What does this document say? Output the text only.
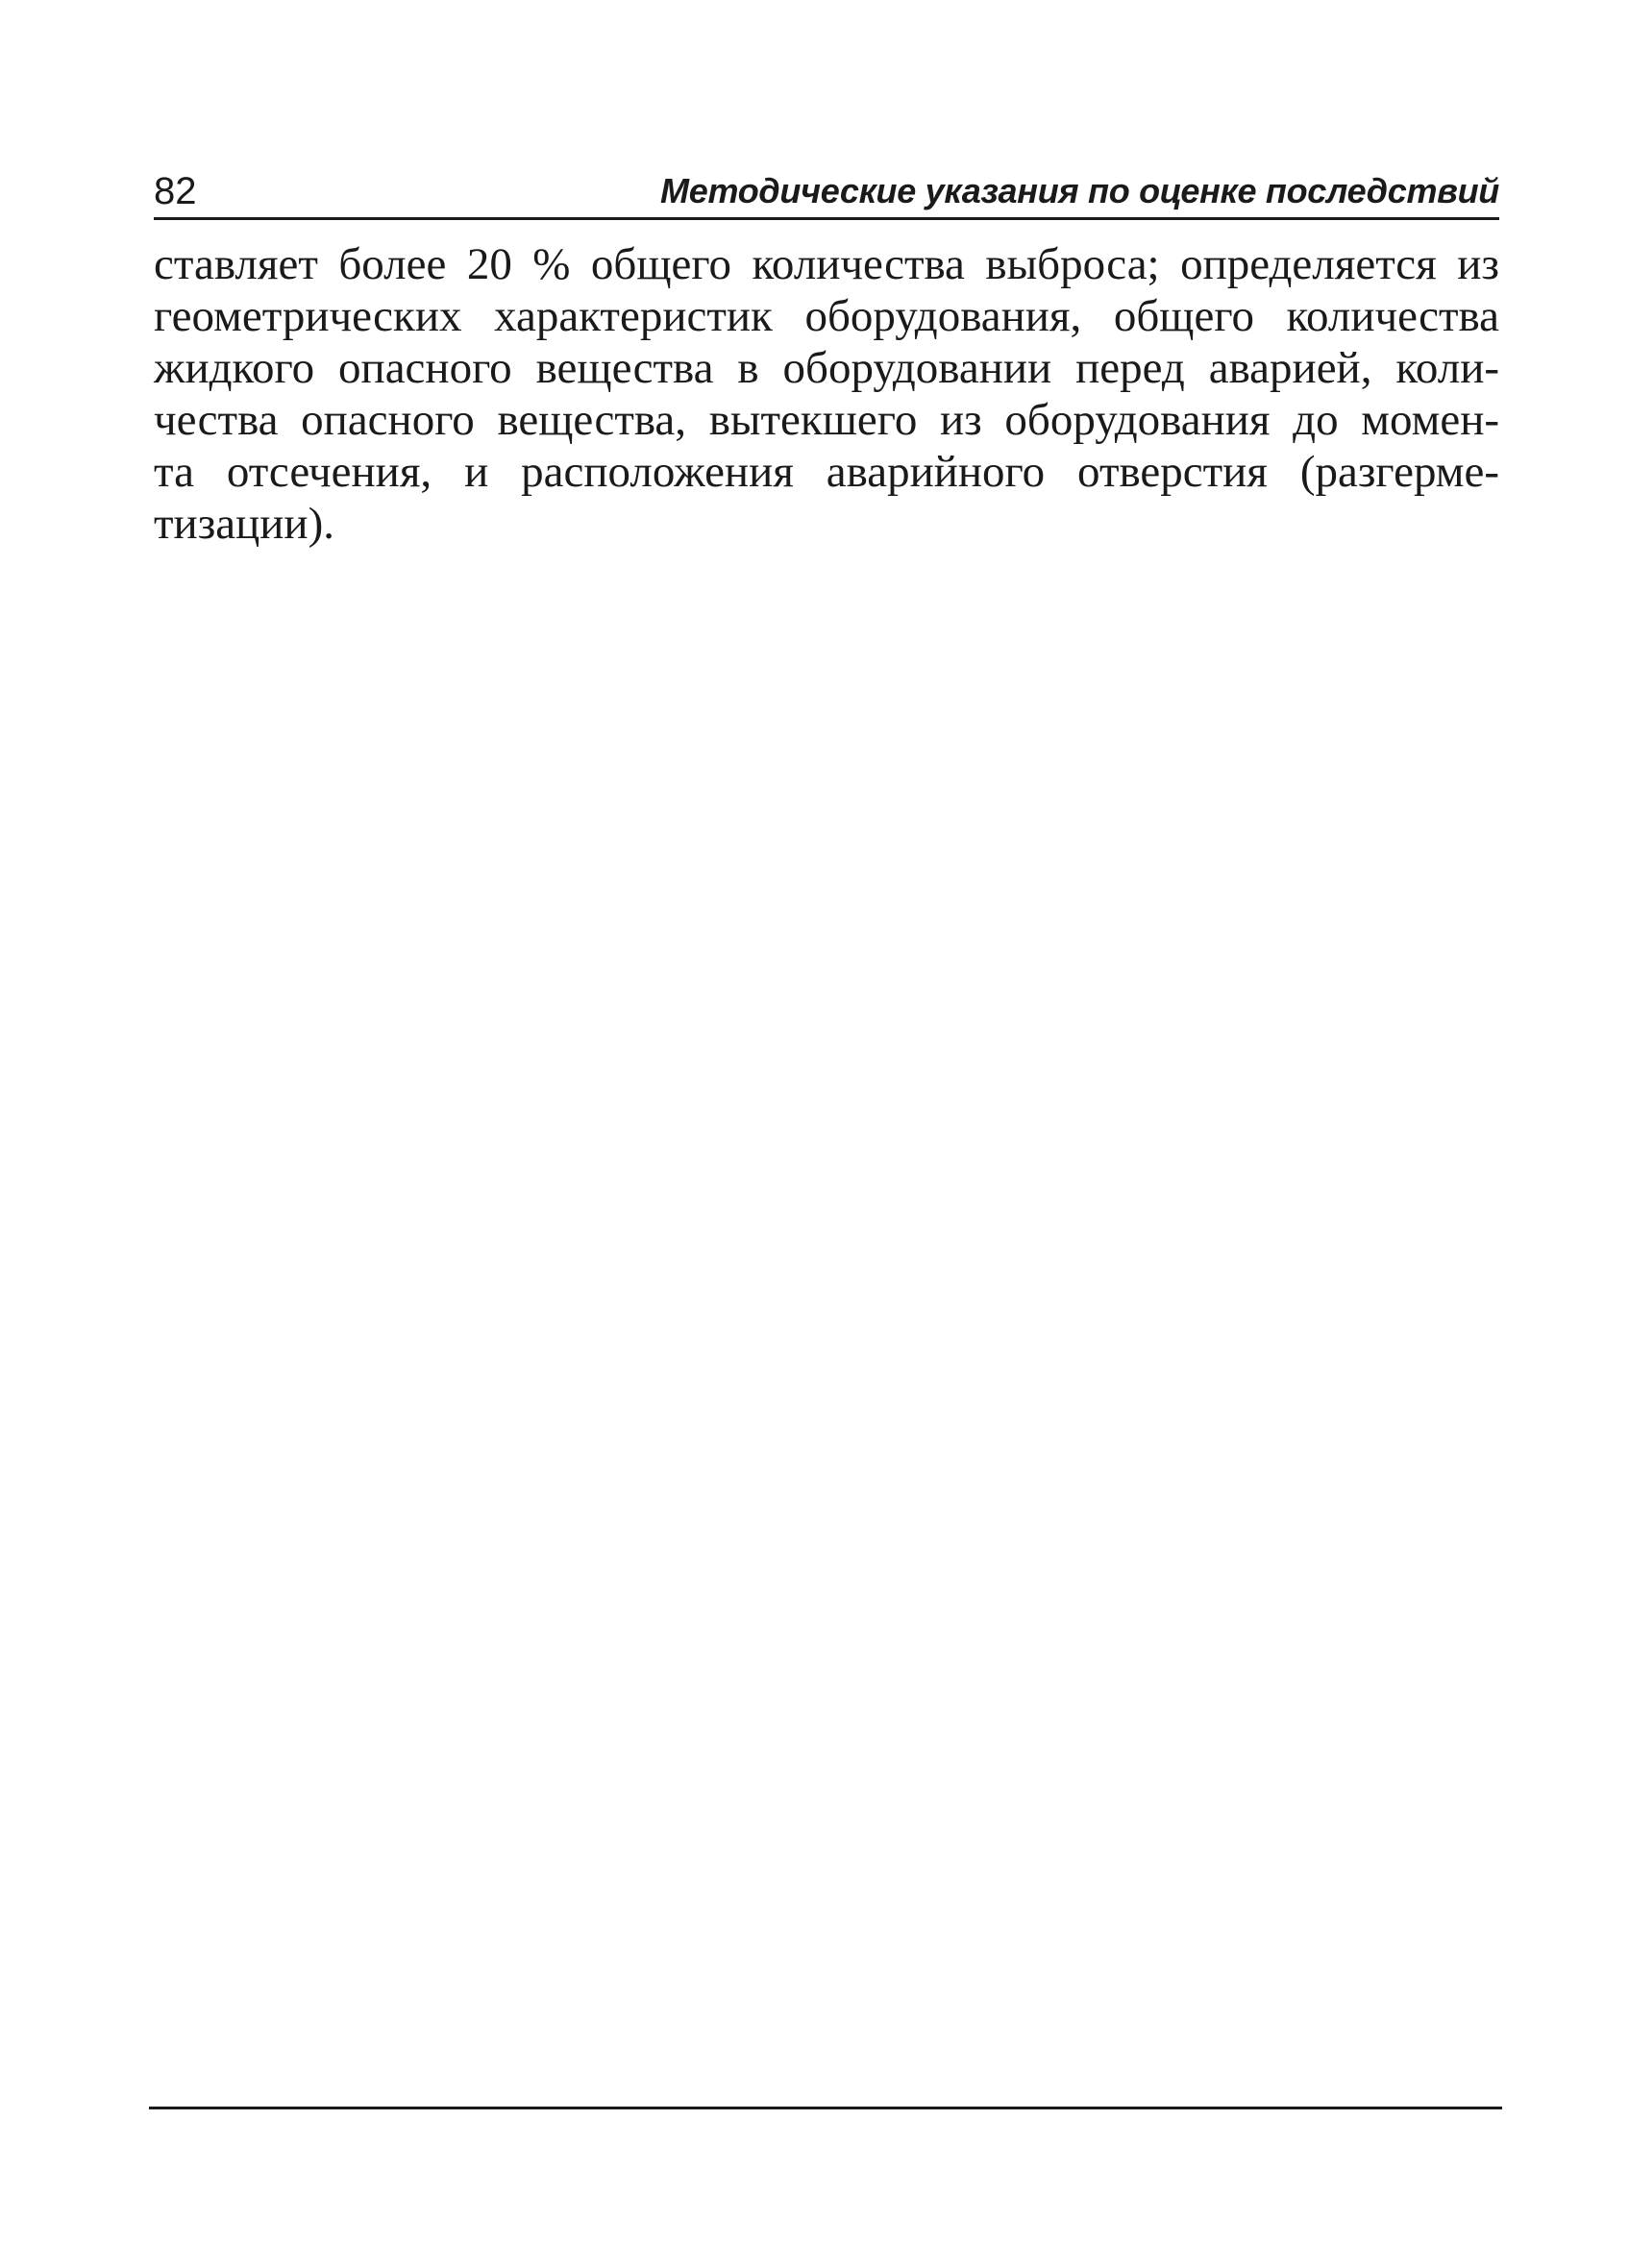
82	Методические указания по оценке последствий
ставляет более 20 % общего количества выброса; определяется из
геометрических характеристик оборудования, общего количества
жидкого опасного вещества в оборудовании перед аварией, коли-
чества опасного вещества, вытекшего из оборудования до момен-
та отсечения, и расположения аварийного отверстия (разгерме-
тизации).
